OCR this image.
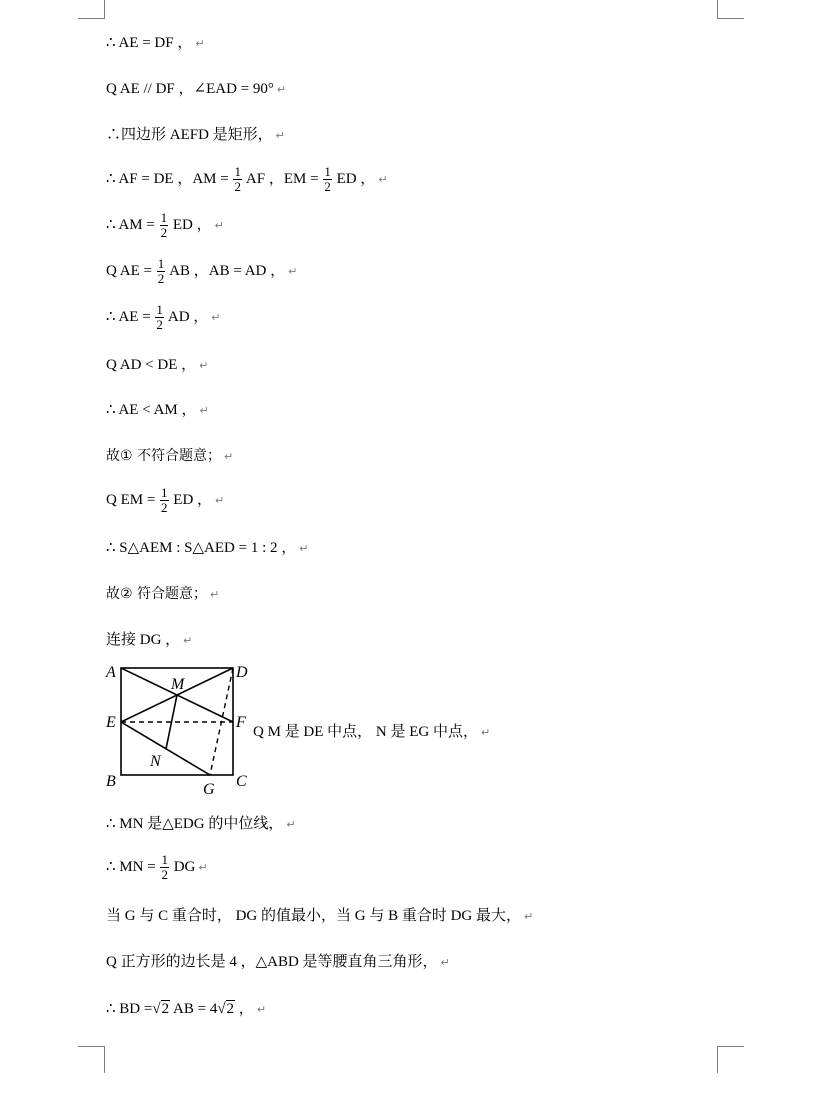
∴ AE = DF ， ↵
Q AE // DF ，∠EAD = 90° ↵
∴四边形 AEFD 是矩形， ↵
∴ AF = DE ，AM = $\frac{1}{2}$ AF ，EM = $\frac{1}{2}$ ED ， ↵
∴ AM = $\frac{1}{2}$ ED ， ↵
Q AE = $\frac{1}{2}$ AB ，AB = AD ， ↵
∴ AE = $\frac{1}{2}$ AD ， ↵
Q AD < DE ， ↵
∴ AE < AM ， ↵
故① 不符合题意； ↵
Q EM = $\frac{1}{2}$ ED ， ↵
∴ S△AEM : S△AED = 1 : 2 ， ↵
故② 符合题意； ↵
连接 DG ， ↵
A	D
E	F
B	C
G
M
N
Q M 是 DE 中点， N 是 EG 中点， ↵
∴ MN 是△EDG 的中位线， ↵
∴ MN = $\frac{1}{2}$ DG ↵
当 G 与 C 重合时， DG 的值最小，当 G 与 B 重合时 DG 最大， ↵
Q 正方形的边长是 4 ，△ABD 是等腰直角三角形， ↵
∴ BD =√2 AB = 4√2 ， ↵
